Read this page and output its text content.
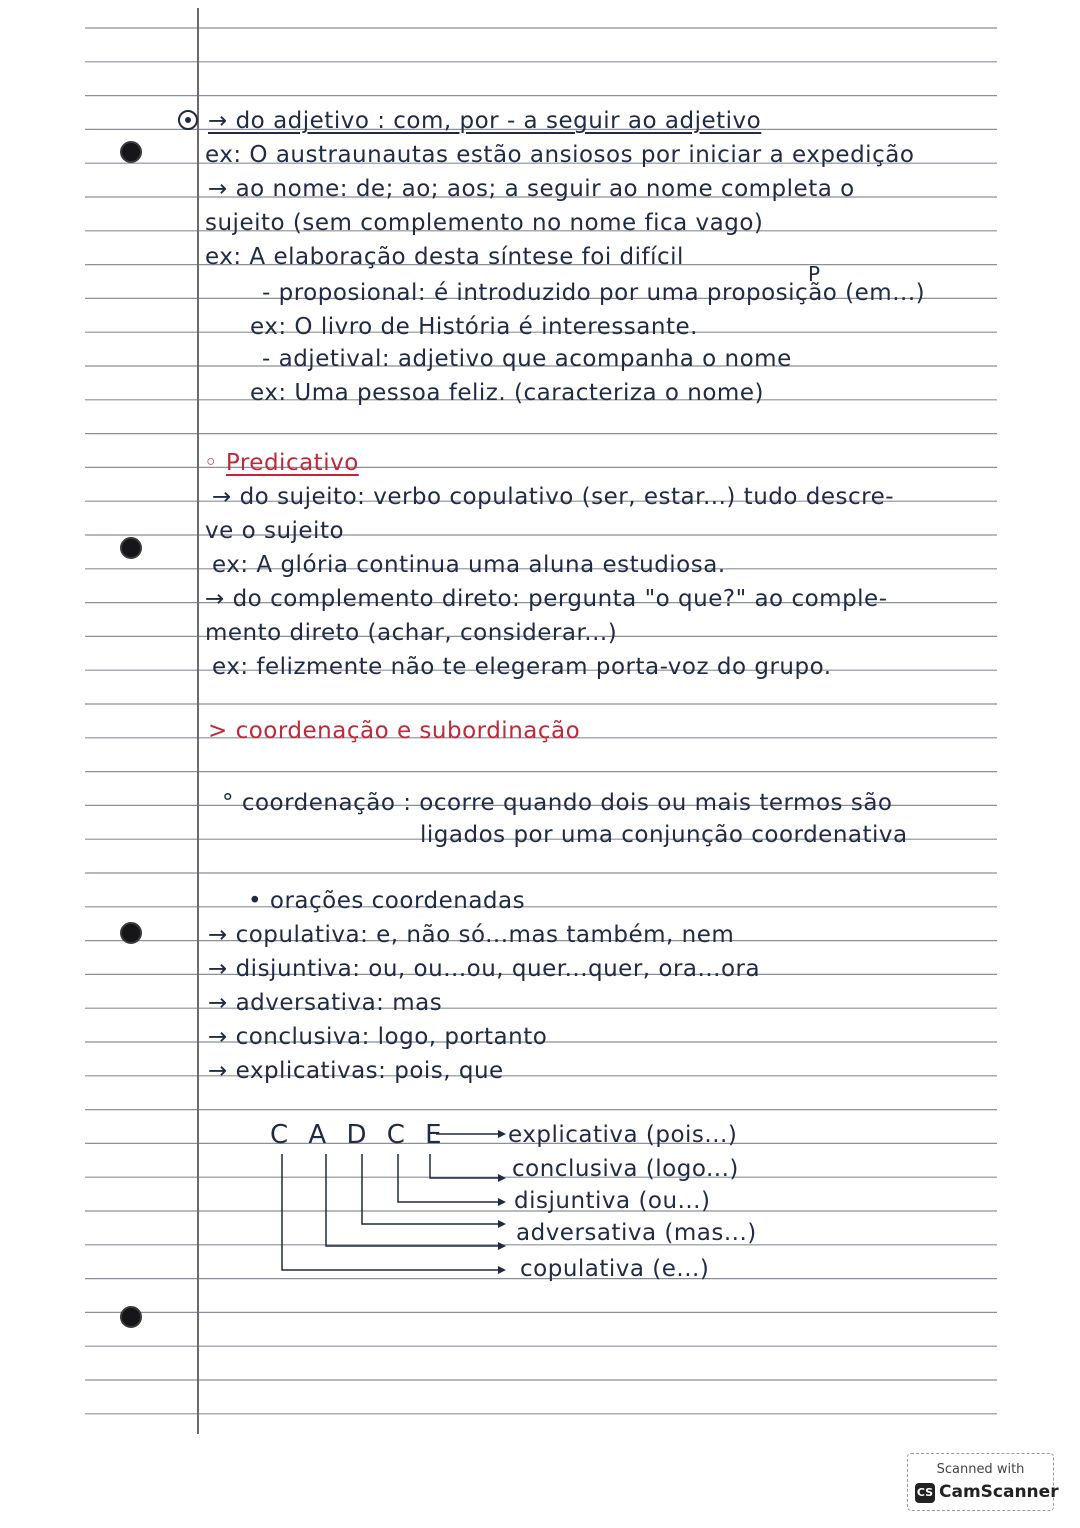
→ do adjetivo : com, por - a seguir ao adjetivo
ex: O austraunautas estão ansiosos por iniciar a expedição
→ ao nome: de; ao; aos; a seguir ao nome completa o
sujeito (sem complemento no nome fica vago)
ex: A elaboração desta síntese foi difícil
P
- proposional: é introduzido por uma proposição (em...)
ex: O livro de História é interessante.
- adjetival: adjetivo que acompanha o nome
ex: Uma pessoa feliz. (caracteriza o nome)
◦ Predicativo
→ do sujeito: verbo copulativo (ser, estar...) tudo descre-
ve o sujeito
ex: A glória continua uma aluna estudiosa.
→ do complemento direto: pergunta "o que?" ao comple-
mento direto (achar, considerar...)
ex: felizmente não te elegeram porta-voz do grupo.
> coordenação e subordinação
° coordenação : ocorre quando dois ou mais termos são
ligados por uma conjunção coordenativa
• orações coordenadas
→ copulativa: e, não só...mas também, nem
→ disjuntiva: ou, ou...ou, quer...quer, ora...ora
→ adversativa: mas
→ conclusiva: logo, portanto
→ explicativas: pois, que
C A D C E	explicativa (pois...)
conclusiva (logo...)
disjuntiva (ou...)
adversativa (mas...)
copulativa (e...)
Scanned with
CS CamScanner
